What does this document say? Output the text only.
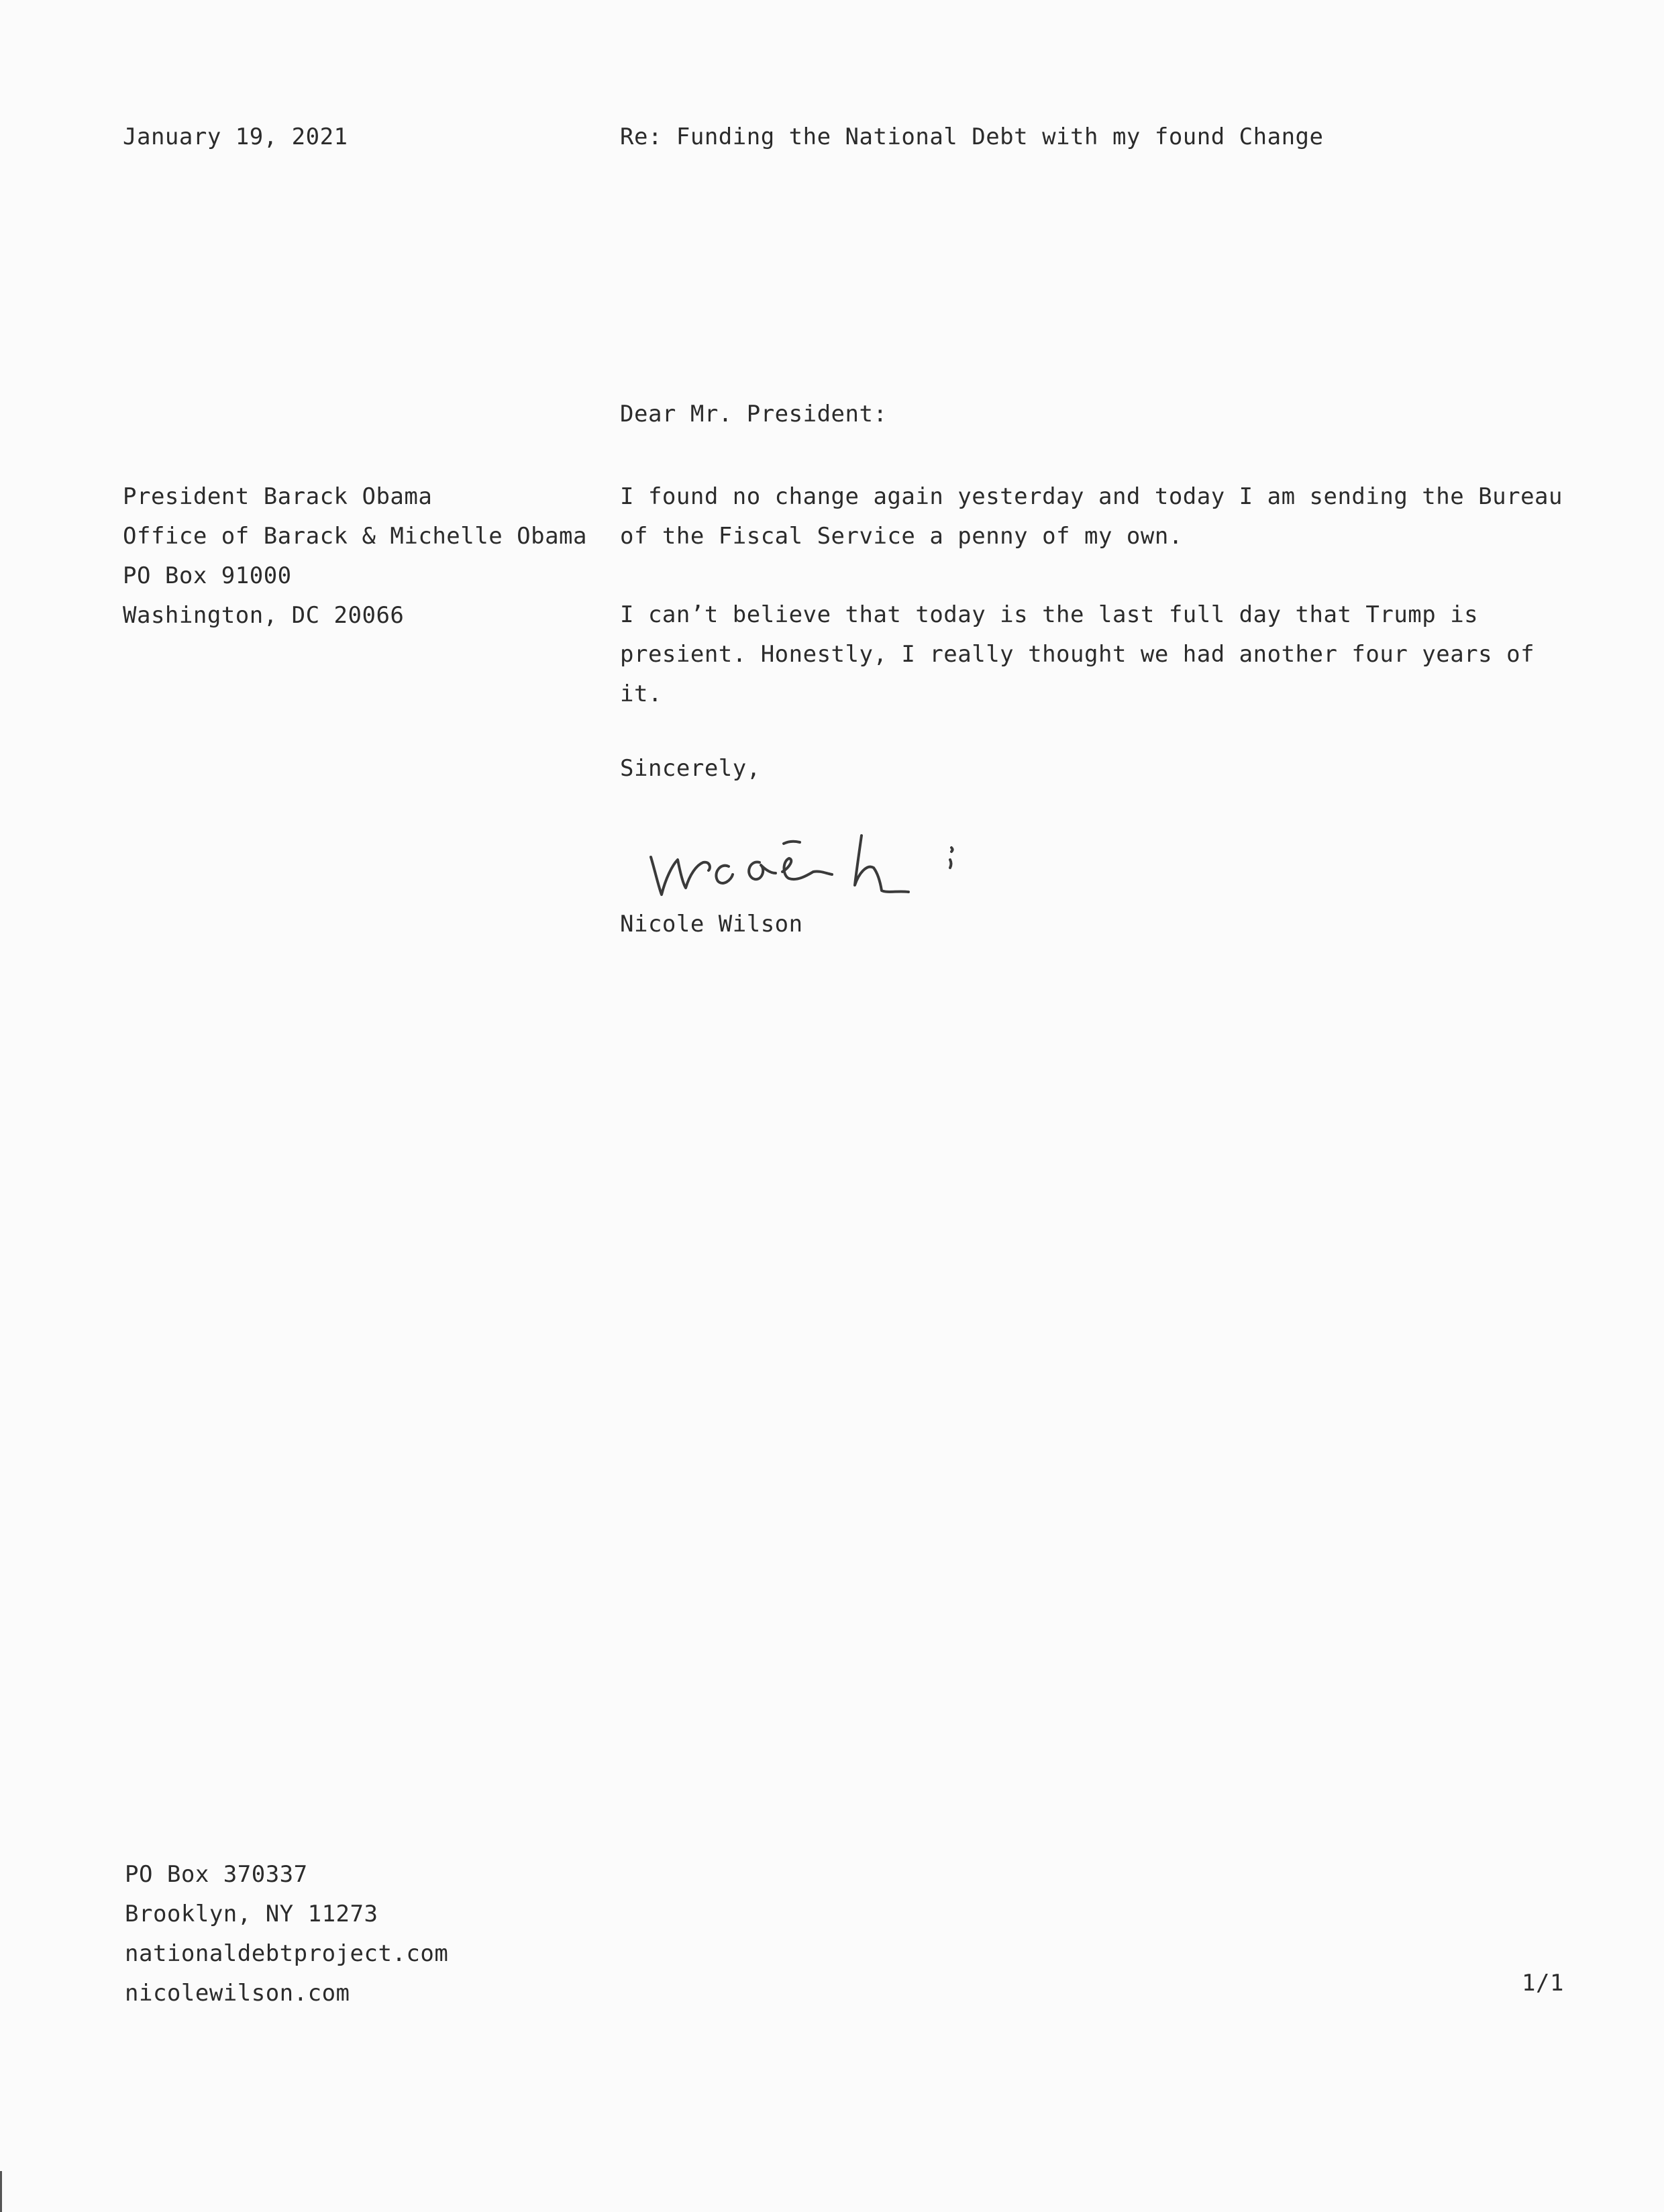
January 19, 2021	Re: Funding the National Debt with my found Change
Dear Mr. President:
President Barack Obama
Office of Barack & Michelle Obama
PO Box 91000
Washington, DC 20066
I found no change again yesterday and today I am sending the Bureau
of the Fiscal Service a penny of my own.
I can’t believe that today is the last full day that Trump is
presient. Honestly, I really thought we had another four years of
it.
Sincerely,
Nicole Wilson
PO Box 370337
Brooklyn, NY 11273
nationaldebtproject.com
nicolewilson.com	1/1
